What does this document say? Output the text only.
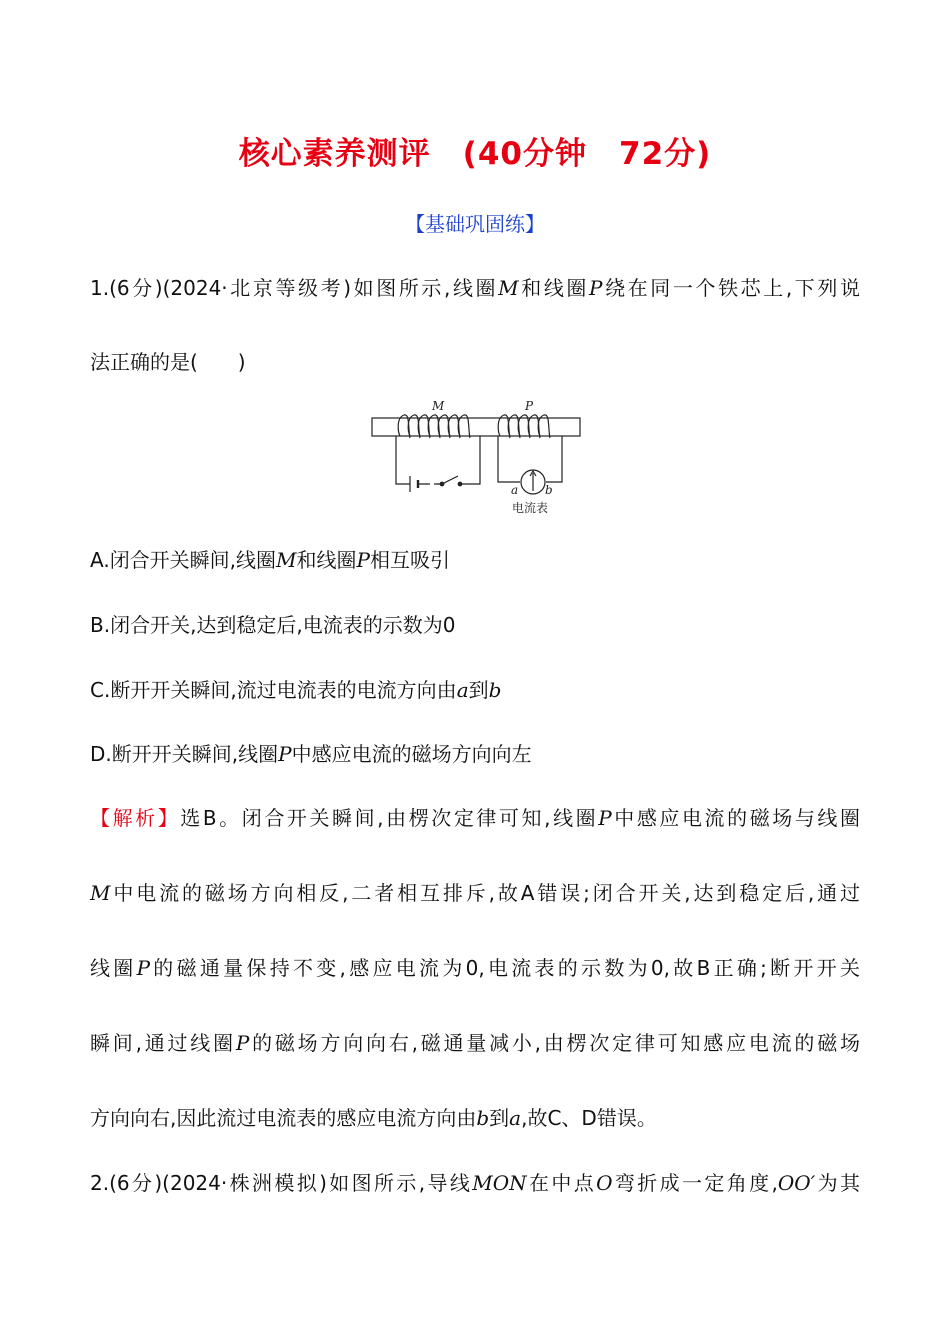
核心素养测评　(40分钟　72分)
【基础巩固练】
1.(6分)(2024·北京等级考)如图所示,线圈M和线圈P绕在同一个铁芯上,下列说
法正确的是(　　)
M	P
a b
电流表
A.闭合开关瞬间,线圈M和线圈P相互吸引
B.闭合开关,达到稳定后,电流表的示数为0
C.断开开关瞬间,流过电流表的电流方向由a到b
D.断开开关瞬间,线圈P中感应电流的磁场方向向左
【解析】选B。闭合开关瞬间,由楞次定律可知,线圈P中感应电流的磁场与线圈
M中电流的磁场方向相反,二者相互排斥,故A错误;闭合开关,达到稳定后,通过
线圈P的磁通量保持不变,感应电流为0,电流表的示数为0,故B正确;断开开关
瞬间,通过线圈P的磁场方向向右,磁通量减小,由楞次定律可知感应电流的磁场
方向向右,因此流过电流表的感应电流方向由b到a,故C、D错误。
2.(6分)(2024·株洲模拟)如图所示,导线MON在中点O弯折成一定角度,OO′为其
